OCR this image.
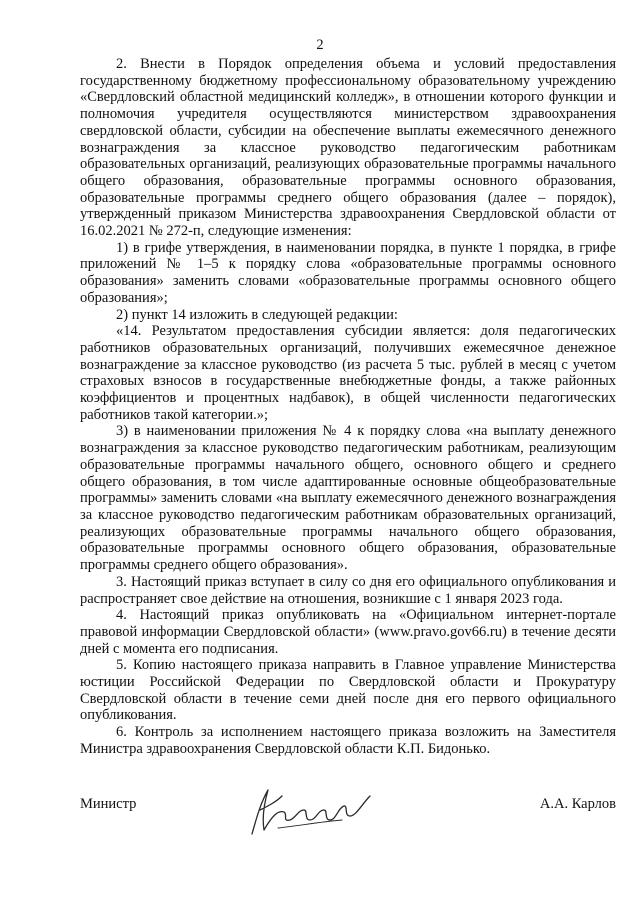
2

2. Внести в Порядок определения объема и условий предоставления государственному бюджетному профессиональному образовательному учреждению «Свердловский областной медицинский колледж», в отношении которого функции и полномочия учредителя осуществляются министерством здравоохранения свердловской области, субсидии на обеспечение выплаты ежемесячного денежного вознаграждения за классное руководство педагогическим работникам образовательных организаций, реализующих образовательные программы начального общего образования, образовательные программы основного образования, образовательные программы среднего общего образования (далее – порядок), утвержденный приказом Министерства здравоохранения Свердловской области от 16.02.2021 № 272-п, следующие изменения:

1) в грифе утверждения, в наименовании порядка, в пункте 1 порядка, в грифе приложений № 1–5 к порядку слова «образовательные программы основного образования» заменить словами «образовательные программы основного общего образования»;

2) пункт 14 изложить в следующей редакции:

«14. Результатом предоставления субсидии является: доля педагогических работников образовательных организаций, получивших ежемесячное денежное вознаграждение за классное руководство (из расчета 5 тыс. рублей в месяц с учетом страховых взносов в государственные внебюджетные фонды, а также районных коэффициентов и процентных надбавок), в общей численности педагогических работников такой категории.»;

3) в наименовании приложения № 4 к порядку слова «на выплату денежного вознаграждения за классное руководство педагогическим работникам, реализующим образовательные программы начального общего, основного общего и среднего общего образования, в том числе адаптированные основные общеобразовательные программы» заменить словами «на выплату ежемесячного денежного вознаграждения за классное руководство педагогическим работникам образовательных организаций, реализующих образовательные программы начального общего образования, образовательные программы основного общего образования, образовательные программы среднего общего образования».

3. Настоящий приказ вступает в силу со дня его официального опубликования и распространяет свое действие на отношения, возникшие с 1 января 2023 года.

4. Настоящий приказ опубликовать на «Официальном интернет-портале правовой информации Свердловской области» (www.pravo.gov66.ru) в течение десяти дней с момента его подписания.

5. Копию настоящего приказа направить в Главное управление Министерства юстиции Российской Федерации по Свердловской области и Прокуратуру Свердловской области в течение семи дней после дня его первого официального опубликования.

6. Контроль за исполнением настоящего приказа возложить на Заместителя Министра здравоохранения Свердловской области К.П. Бидонько.

Министр	А.А. Карлов
